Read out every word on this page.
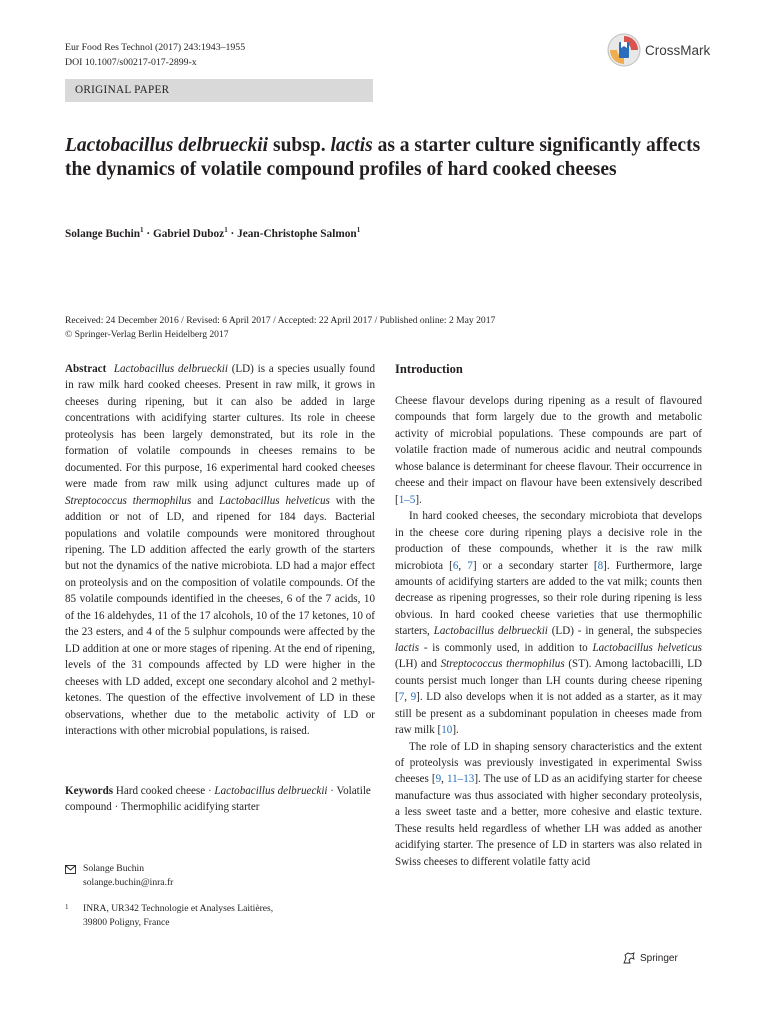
Eur Food Res Technol (2017) 243:1943–1955
DOI 10.1007/s00217-017-2899-x
CrossMark
ORIGINAL PAPER
Lactobacillus delbrueckii subsp. lactis as a starter culture significantly affects the dynamics of volatile compound profiles of hard cooked cheeses
Solange Buchin$^1$ · Gabriel Duboz$^1$ · Jean-Christophe Salmon$^1$
Received: 24 December 2016 / Revised: 6 April 2017 / Accepted: 22 April 2017 / Published online: 2 May 2017
© Springer-Verlag Berlin Heidelberg 2017

Abstract Lactobacillus delbrueckii (LD) is a species usually found in raw milk hard cooked cheeses. Present in raw milk, it grows in cheeses during ripening, but it can also be added in large concentrations with acidifying starter cultures. Its role in cheese proteolysis has been largely demonstrated, but its role in the formation of volatile compounds in cheeses remains to be documented. For this purpose, 16 experimental hard cooked cheeses were made from raw milk using adjunct cultures made up of Streptococcus thermophilus and Lactobacillus helveticus with the addition or not of LD, and ripened for 184 days. Bacterial populations and volatile compounds were monitored throughout ripening. The LD addition affected the early growth of the starters but not the dynamics of the native microbiota. LD had a major effect on proteolysis and on the composition of volatile compounds. Of the 85 volatile compounds identified in the cheeses, 6 of the 7 acids, 10 of the 16 aldehydes, 11 of the 17 alcohols, 10 of the 17 ketones, 10 of the 23 esters, and 4 of the 5 sulphur compounds were affected by the LD addition at one or more stages of ripening. At the end of ripening, levels of the 31 compounds affected by LD were higher in the cheeses with LD added, except one secondary alcohol and 2 methyl-ketones. The question of the effective involvement of LD in these observations, whether due to the metabolic activity of LD or interactions with other microbial populations, is raised.

Keywords Hard cooked cheese · Lactobacillus delbrueckii · Volatile compound · Thermophilic acidifying starter

Solange Buchin
solange.buchin@inra.fr
1 INRA, UR342 Technologie et Analyses Laitières,
39800 Poligny, France
Introduction

Cheese flavour develops during ripening as a result of flavoured compounds that form largely due to the growth and metabolic activity of microbial populations. These compounds are part of volatile fraction made of numerous acidic and neutral compounds whose balance is determinant for cheese flavour. Their occurrence in cheese and their impact on flavour have been extensively described [1–5].

In hard cooked cheeses, the secondary microbiota that develops in the cheese core during ripening plays a decisive role in the production of these compounds, whether it is the raw milk microbiota [6, 7] or a secondary starter [8]. Furthermore, large amounts of acidifying starters are added to the vat milk; counts then decrease as ripening progresses, so their role during ripening is less obvious. In hard cooked cheese varieties that use thermophilic starters, Lactobacillus delbrueckii (LD) - in general, the subspecies lactis - is commonly used, in addition to Lactobacillus helveticus (LH) and Streptococcus thermophilus (ST). Among lactobacilli, LD counts persist much longer than LH counts during cheese ripening [7, 9]. LD also develops when it is not added as a starter, as it may still be present as a subdominant population in cheeses made from raw milk [10].

The role of LD in shaping sensory characteristics and the extent of proteolysis was previously investigated in experimental Swiss cheeses [9, 11–13]. The use of LD as an acidifying starter for cheese manufacture was thus associated with higher secondary proteolysis, a less sweet taste and a better, more cohesive and elastic texture. These results held regardless of whether LH was added as another acidifying starter. The presence of LD in starters was also related in Swiss cheeses to different volatile fatty acid

Springer
